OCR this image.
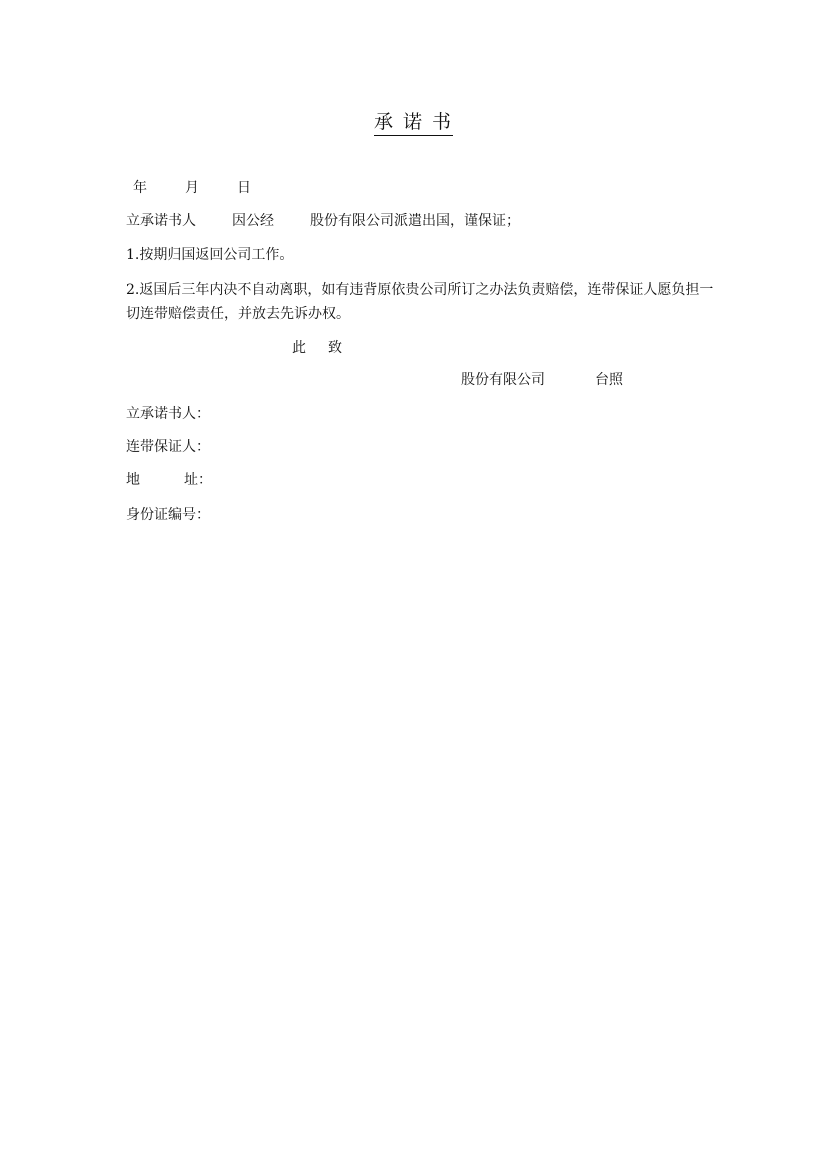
承 诺 书
年	月	日
立承诺书人	因公经	股份有限公司派遣出国，谨保证；
1.按期归国返回公司工作。
2.返国后三年内决不自动离职，如有违背原依贵公司所订之办法负责赔偿，连带保证人愿负担一切连带赔偿责任，并放去先诉办权。
此 致
股份有限公司	台照
立承诺书人：
连带保证人：
地	址：
身份证编号：
